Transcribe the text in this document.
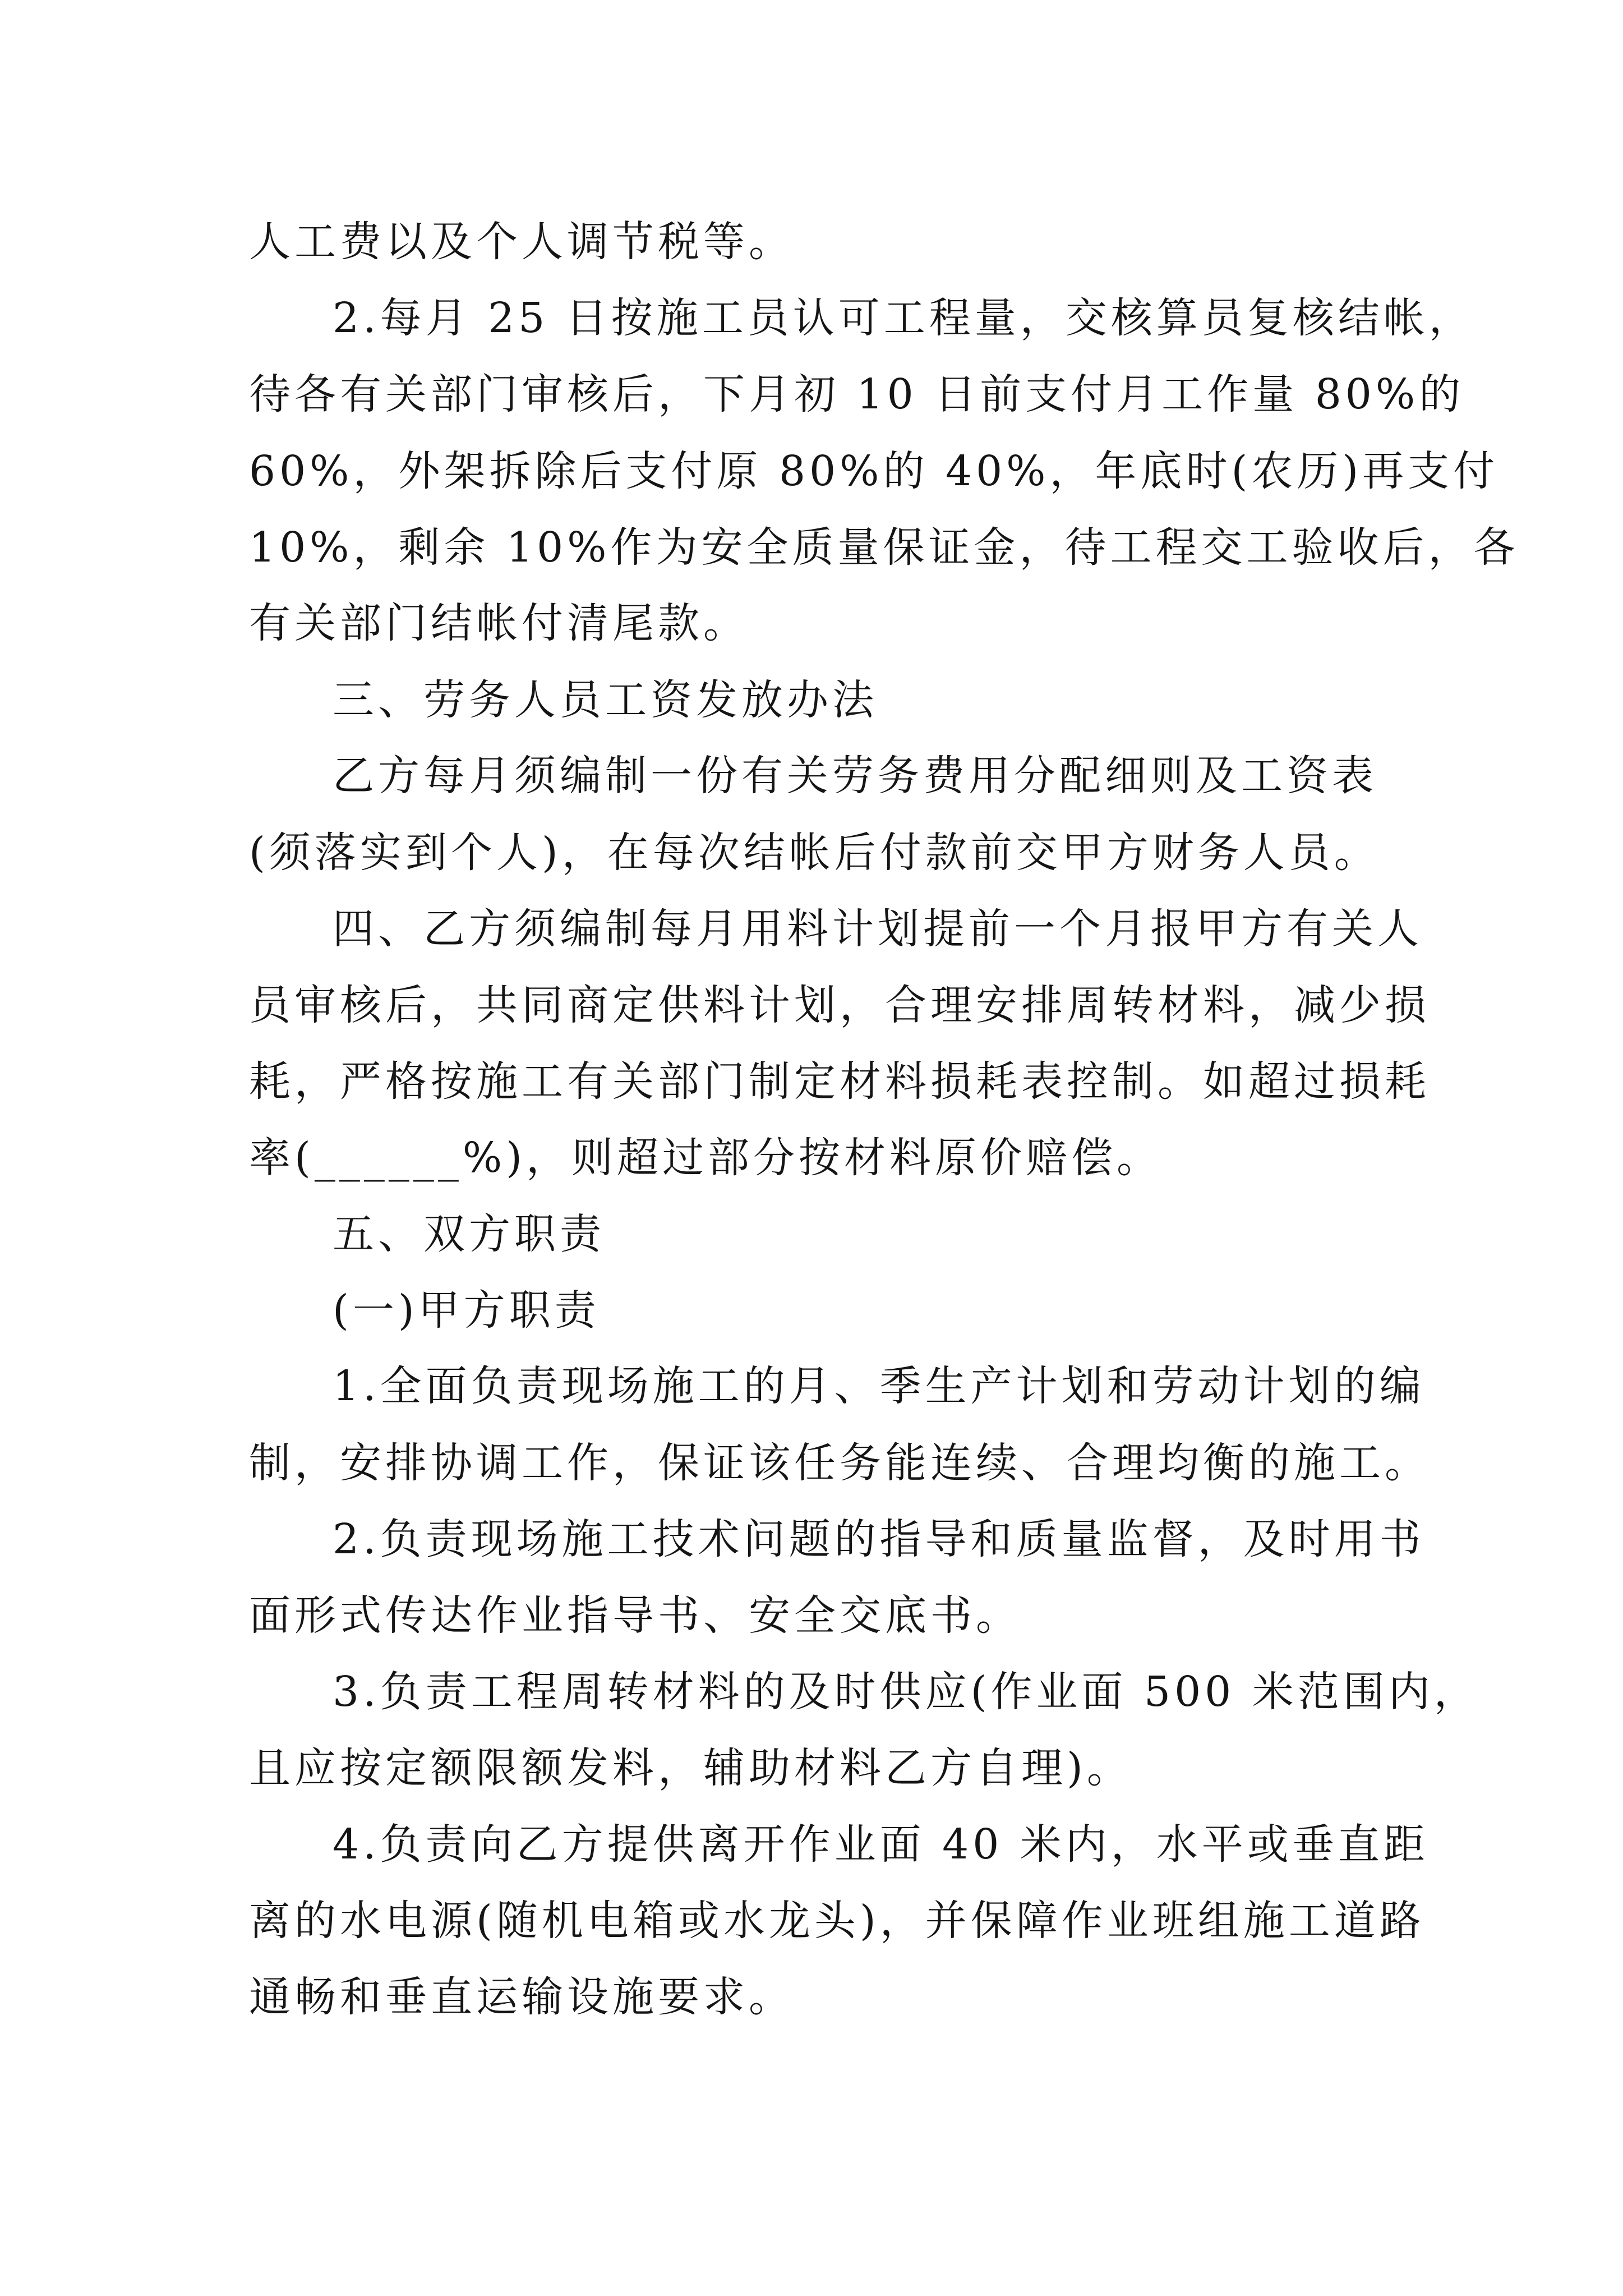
人工费以及个人调节税等。
2.每月 25 日按施工员认可工程量，交核算员复核结帐，
待各有关部门审核后，下月初 10 日前支付月工作量 80%的
60%，外架拆除后支付原 80%的 40%，年底时(农历)再支付
10%，剩余 10%作为安全质量保证金，待工程交工验收后，各
有关部门结帐付清尾款。
三、劳务人员工资发放办法
乙方每月须编制一份有关劳务费用分配细则及工资表
(须落实到个人)，在每次结帐后付款前交甲方财务人员。
四、乙方须编制每月用料计划提前一个月报甲方有关人
员审核后，共同商定供料计划，合理安排周转材料，减少损
耗，严格按施工有关部门制定材料损耗表控制。如超过损耗
率(______%)，则超过部分按材料原价赔偿。
五、双方职责
(一)甲方职责
1.全面负责现场施工的月、季生产计划和劳动计划的编
制，安排协调工作，保证该任务能连续、合理均衡的施工。
2.负责现场施工技术问题的指导和质量监督，及时用书
面形式传达作业指导书、安全交底书。
3.负责工程周转材料的及时供应(作业面 500 米范围内，
且应按定额限额发料，辅助材料乙方自理)。
4.负责向乙方提供离开作业面 40 米内，水平或垂直距
离的水电源(随机电箱或水龙头)，并保障作业班组施工道路
通畅和垂直运输设施要求。
